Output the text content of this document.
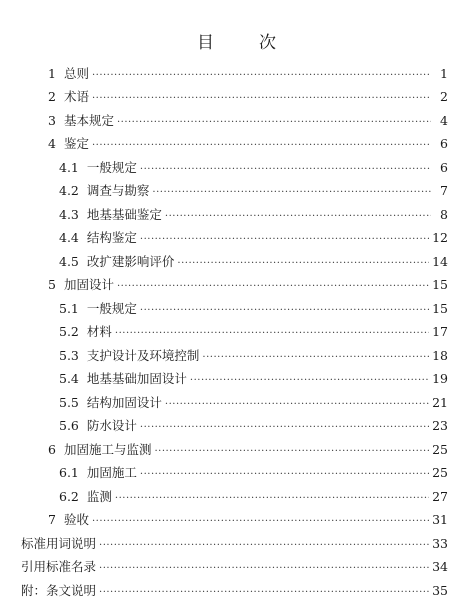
目　次
1 总则 .....	1
2 术语 .....	2
3 基本规定 .....	4
4 鉴定 .....	6
4.1 一般规定 .....	6
4.2 调查与勘察 .....	7
4.3 地基基础鉴定 .....	8
4.4 结构鉴定 .....	12
4.5 改扩建影响评价 .....	14
5 加固设计 .....	15
5.1 一般规定 .....	15
5.2 材料 .....	17
5.3 支护设计及环境控制 .....	18
5.4 地基基础加固设计 .....	19
5.5 结构加固设计 .....	21
5.6 防水设计 .....	23
6 加固施工与监测 .....	25
6.1 加固施工 .....	25
6.2 监测 .....	27
7 验收 .....	31
标准用词说明 .....	33
引用标准名录 .....	34
附：条文说明 .....	35
